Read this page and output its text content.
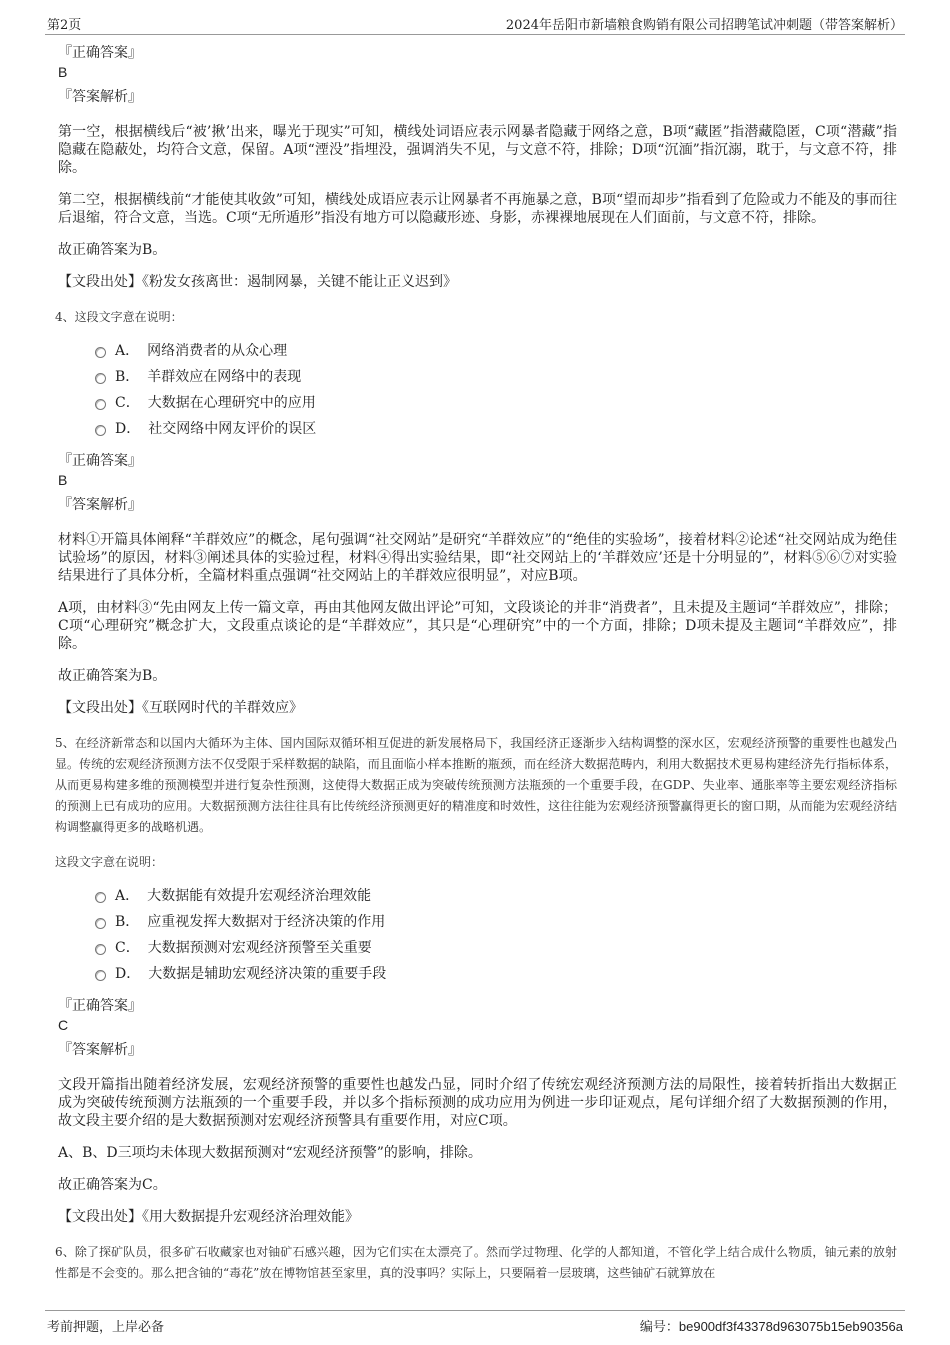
第2页	2024年岳阳市新墙粮食购销有限公司招聘笔试冲刺题（带答案解析）
『正确答案』
B
『答案解析』
第一空，根据横线后“被’揪’出来，曝光于现实”可知，横线处词语应表示网暴者隐藏于网络之意，B项“藏匿”指潜藏隐匿，C项“潜藏”指隐藏在隐蔽处，均符合文意，保留。A项“湮没”指埋没，强调消失不见，与文意不符，排除；D项“沉湎”指沉溺，耽于，与文意不符，排除。
第二空，根据横线前“才能使其收敛”可知，横线处成语应表示让网暴者不再施暴之意，B项“望而却步”指看到了危险或力不能及的事而往后退缩，符合文意，当选。C项“无所遁形”指没有地方可以隐藏形迹、身影，赤裸裸地展现在人们面前，与文意不符，排除。
故正确答案为B。
【文段出处】《粉发女孩离世：遏制网暴，关键不能让正义迟到》
4、这段文字意在说明：
A． 网络消费者的从众心理
B． 羊群效应在网络中的表现
C． 大数据在心理研究中的应用
D． 社交网络中网友评价的误区
『正确答案』
B
『答案解析』
材料①开篇具体阐释“羊群效应”的概念，尾句强调“社交网站”是研究“羊群效应”的“绝佳的实验场”，接着材料②论述“社交网站成为绝佳试验场”的原因，材料③阐述具体的实验过程，材料④得出实验结果，即“社交网站上的‘羊群效应’还是十分明显的”，材料⑤⑥⑦对实验结果进行了具体分析，全篇材料重点强调“社交网站上的羊群效应很明显”，对应B项。
A项，由材料③“先由网友上传一篇文章，再由其他网友做出评论”可知，文段谈论的并非“消费者”，且未提及主题词“羊群效应”，排除；C项“心理研究”概念扩大，文段重点谈论的是“羊群效应”，其只是“心理研究”中的一个方面，排除；D项未提及主题词“羊群效应”，排除。
故正确答案为B。
【文段出处】《互联网时代的羊群效应》
5、在经济新常态和以国内大循环为主体、国内国际双循环相互促进的新发展格局下，我国经济正逐渐步入结构调整的深水区，宏观经济预警的重要性也越发凸显。传统的宏观经济预测方法不仅受限于采样数据的缺陷，而且面临小样本推断的瓶颈，而在经济大数据范畴内，利用大数据技术更易构建经济先行指标体系，从而更易构建多维的预测模型并进行复杂性预测，这使得大数据正成为突破传统预测方法瓶颈的一个重要手段，在GDP、失业率、通胀率等主要宏观经济指标的预测上已有成功的应用。大数据预测方法往往具有比传统经济预测更好的精准度和时效性，这往往能为宏观经济预警赢得更长的窗口期，从而能为宏观经济结构调整赢得更多的战略机遇。
这段文字意在说明：
A． 大数据能有效提升宏观经济治理效能
B． 应重视发挥大数据对于经济决策的作用
C． 大数据预测对宏观经济预警至关重要
D． 大数据是辅助宏观经济决策的重要手段
『正确答案』
C
『答案解析』
文段开篇指出随着经济发展，宏观经济预警的重要性也越发凸显，同时介绍了传统宏观经济预测方法的局限性，接着转折指出大数据正成为突破传统预测方法瓶颈的一个重要手段，并以多个指标预测的成功应用为例进一步印证观点，尾句详细介绍了大数据预测的作用，故文段主要介绍的是大数据预测对宏观经济预警具有重要作用，对应C项。
A、B、D三项均未体现大数据预测对“宏观经济预警”的影响，排除。
故正确答案为C。
【文段出处】《用大数据提升宏观经济治理效能》
6、除了探矿队员，很多矿石收藏家也对铀矿石感兴趣，因为它们实在太漂亮了。然而学过物理、化学的人都知道，不管化学上结合成什么物质，铀元素的放射性都是不会变的。那么把含铀的“毒花”放在博物馆甚至家里，真的没事吗？实际上，只要隔着一层玻璃，这些铀矿石就算放在
考前押题，上岸必备	编号：be900df3f43378d963075b15eb90356a
